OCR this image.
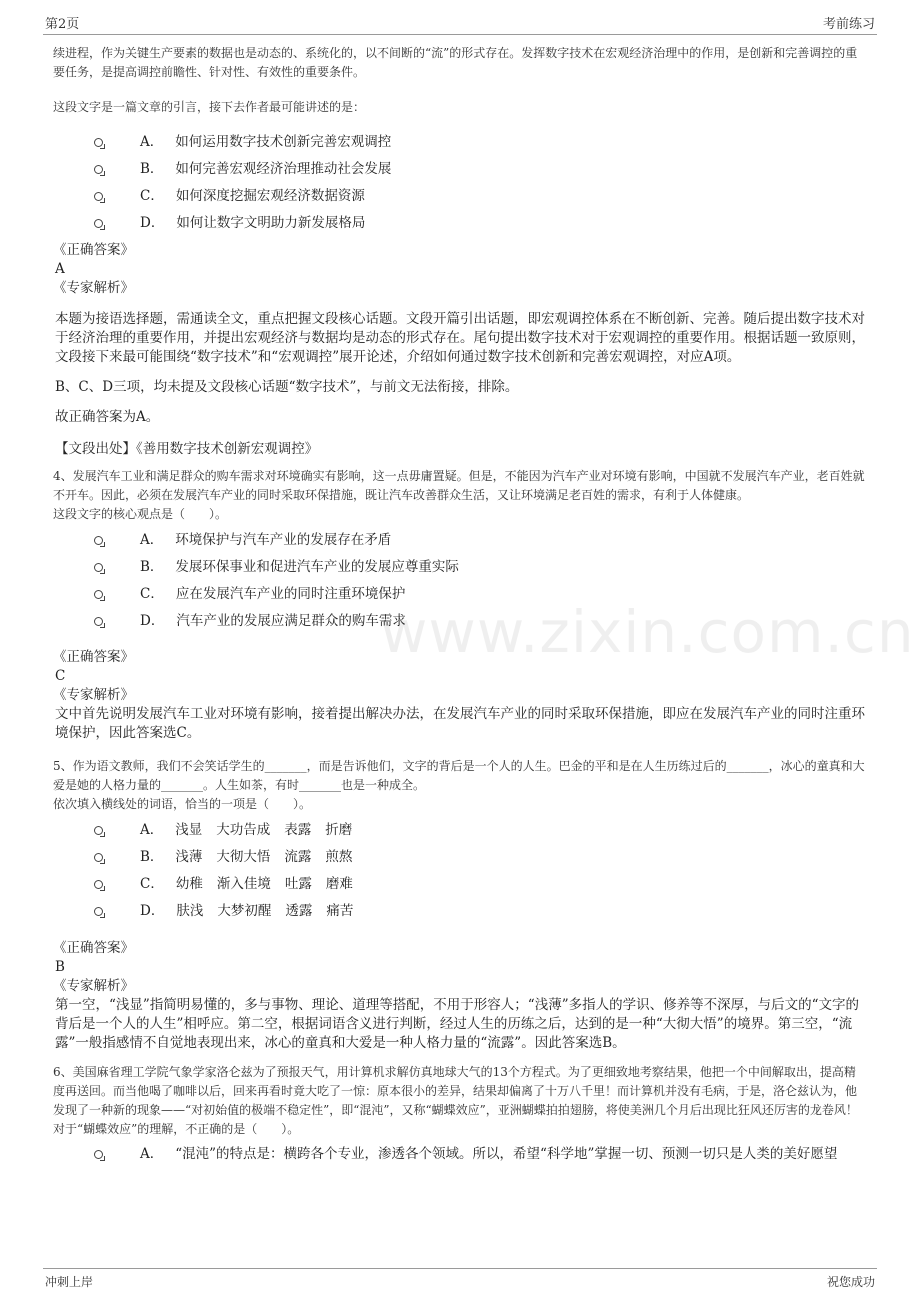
第2页	考前练习
www.zixin.com.cn

续进程，作为关键生产要素的数据也是动态的、系统化的，以不间断的“流”的形式存在。发挥数字技术在宏观经济治理中的作用，是创新和完善调控的重要任务，是提高调控前瞻性、针对性、有效性的重要条件。

这段文字是一篇文章的引言，接下去作者最可能讲述的是：

A． 如何运用数字技术创新完善宏观调控
B． 如何完善宏观经济治理推动社会发展
C． 如何深度挖掘宏观经济数据资源
D． 如何让数字文明助力新发展格局

《正确答案》

A

《专家解析》

本题为接语选择题，需通读全文，重点把握文段核心话题。文段开篇引出话题，即宏观调控体系在不断创新、完善。随后提出数字技术对于经济治理的重要作用，并提出宏观经济与数据均是动态的形式存在。尾句提出数字技术对于宏观调控的重要作用。根据话题一致原则，文段接下来最可能围绕“数字技术”和“宏观调控”展开论述，介绍如何通过数字技术创新和完善宏观调控，对应A项。

B、C、D三项，均未提及文段核心话题“数字技术”，与前文无法衔接，排除。

故正确答案为A。

【文段出处】《善用数字技术创新宏观调控》

4、发展汽车工业和满足群众的购车需求对环境确实有影响，这一点毋庸置疑。但是，不能因为汽车产业对环境有影响，中国就不发展汽车产业，老百姓就不开车。因此，必须在发展汽车产业的同时采取环保措施，既让汽车改善群众生活，又让环境满足老百姓的需求，有利于人体健康。

这段文字的核心观点是（　　）。

A． 环境保护与汽车产业的发展存在矛盾
B． 发展环保事业和促进汽车产业的发展应尊重实际
C． 应在发展汽车产业的同时注重环境保护
D． 汽车产业的发展应满足群众的购车需求

《正确答案》

C

《专家解析》

文中首先说明发展汽车工业对环境有影响，接着提出解决办法，在发展汽车产业的同时采取环保措施，即应在发展汽车产业的同时注重环境保护，因此答案选C。

5、作为语文教师，我们不会笑话学生的_______，而是告诉他们，文字的背后是一个人的人生。巴金的平和是在人生历练过后的_______，冰心的童真和大爱是她的人格力量的_______。人生如茶，有时_______也是一种成全。

依次填入横线处的词语，恰当的一项是（　　）。

A． 浅显 大功告成 表露 折磨
B． 浅薄 大彻大悟 流露 煎熬
C． 幼稚 渐入佳境 吐露 磨难
D． 肤浅 大梦初醒 透露 痛苦

《正确答案》

B

《专家解析》

第一空，“浅显”指简明易懂的，多与事物、理论、道理等搭配，不用于形容人；“浅薄”多指人的学识、修养等不深厚，与后文的“文字的背后是一个人的人生”相呼应。第二空，根据词语含义进行判断，经过人生的历练之后，达到的是一种“大彻大悟”的境界。第三空，“流露”一般指感情不自觉地表现出来，冰心的童真和大爱是一种人格力量的“流露”。因此答案选B。

6、美国麻省理工学院气象学家洛仑兹为了预报天气，用计算机求解仿真地球大气的13个方程式。为了更细致地考察结果，他把一个中间解取出，提高精度再送回。而当他喝了咖啡以后，回来再看时竟大吃了一惊：原本很小的差异，结果却偏离了十万八千里！而计算机并没有毛病，于是，洛仑兹认为，他发现了一种新的现象——“对初始值的极端不稳定性”，即“混沌”，又称“蝴蝶效应”，亚洲蝴蝶拍拍翅膀，将使美洲几个月后出现比狂风还厉害的龙卷风！

对于“蝴蝶效应”的理解，不正确的是（　　）。

A． “混沌”的特点是：横跨各个专业，渗透各个领域。所以，希望“科学地”掌握一切、预测一切只是人类的美好愿望
冲刺上岸	祝您成功
